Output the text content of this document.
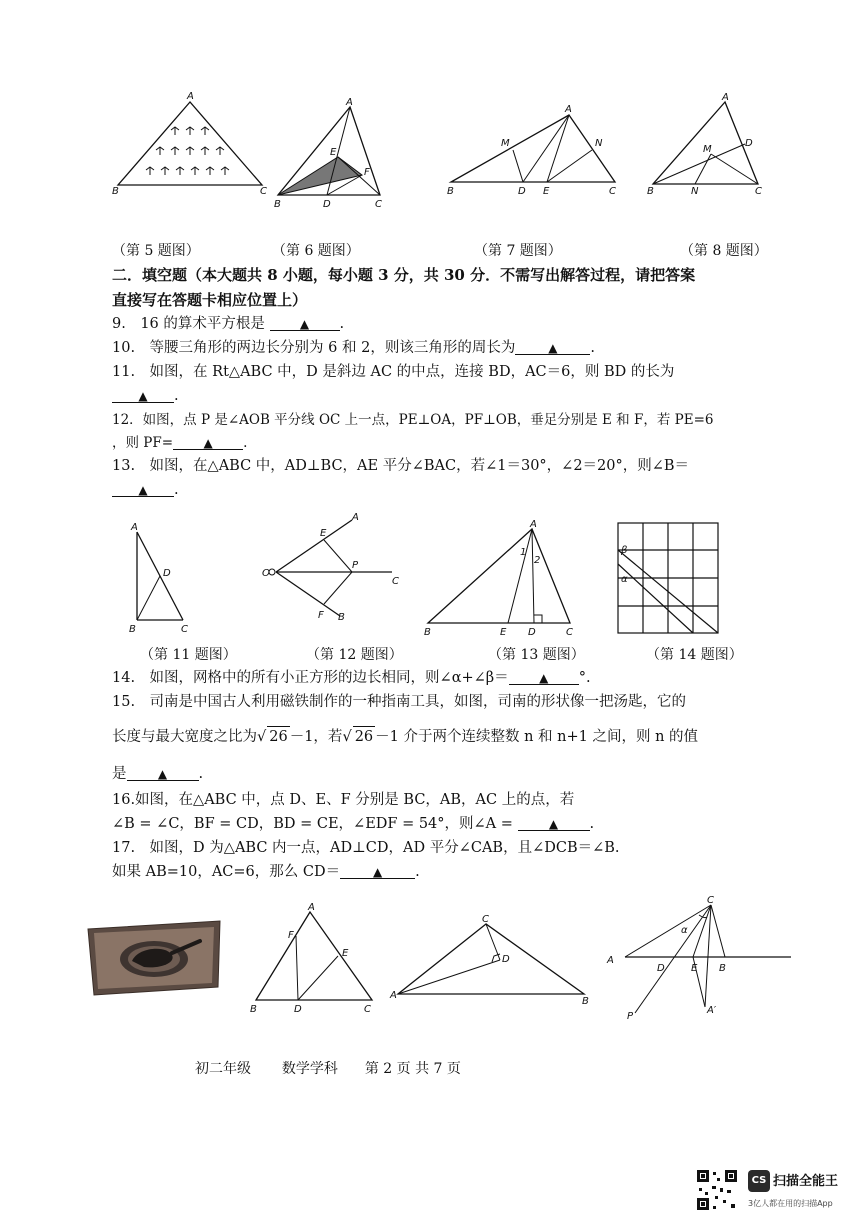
A
B	C
A
E
F
B	D	C
A
M	N
B	D E	C
A
D
M
B	N	C
（第 5 题图）	（第 6 题图）	（第 7 题图）	（第 8 题图）
二．填空题（本大题共 8 小题，每小题 3 分，共 30 分．不需写出解答过程，请把答案
直接写在答题卡相应位置上）
9.　16 的算术平方根是	▲ .
10.　等腰三角形的两边长分别为 6 和 2，则该三角形的周长为	▲ .
11.　如图，在 Rt△ABC 中，D 是斜边 AC 的中点，连接 BD，AC＝6，则 BD 的长为
▲ .
12．如图，点 P 是∠AOB 平分线 OC 上一点，PE⊥OA，PF⊥OB，垂足分别是 E 和 F，若 PE=6
，则 PF=	▲ .
13.　如图，在△ABC 中，AD⊥BC，AE 平分∠BAC，若∠1＝30°，∠2＝20°，则∠B＝
▲ .
A
D
B	C
A
E
O
P
C
F B
A
1
2
B	E D	C
β
α
（第 11 题图）	（第 12 题图）	（第 13 题图）	（第 14 题图）
14.　如图，网格中的所有小正方形的边长相同，则∠α+∠β＝	▲ °.
15.　司南是中国古人利用磁铁制作的一种指南工具，如图，司南的形状像一把汤匙，它的
长度与最大宽度之比为√ 26 －1，若√ 26 －1 介于两个连续整数 n 和 n+1 之间，则 n 的值
是	▲ .
16.如图，在△ABC 中，点 D、E、F 分别是 BC，AB，AC 上的点，若
∠B = ∠C，BF = CD，BD = CE，∠EDF = 54°，则∠A =	▲ .
17.　如图，D 为△ABC 内一点，AD⊥CD，AD 平分∠CAB，且∠DCB＝∠B.
如果 AB=10，AC=6，那么 CD＝	▲ .
A
F
E
B	D	C
C
D
A
B
C
α
A
D	E B
A′
P
初二年级 数学学科 第 2 页 共 7 页
CS 扫描全能王
3亿人都在用的扫描App
